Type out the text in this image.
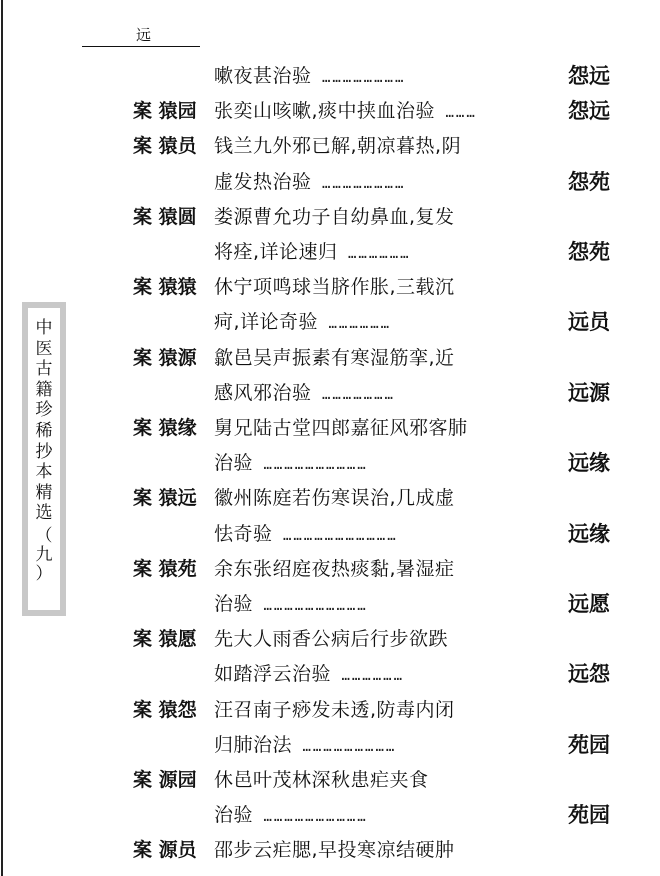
远
中
医
古
籍
珍
稀
抄
本
精
选
（
九
）
嗽夜甚治验 ……………………	怨远
案 猿园 张奕山咳嗽,痰中挟血治验 ………	怨远
案 猿员 钱兰九外邪已解,朝凉暮热,阴
虚发热治验 ……………………	怨苑
案 猿圆 娄源曹允功子自幼鼻血,复发
将痊,详论速归 ………………	怨苑
案 猿猿 休宁项鸣球当脐作胀,三载沉
疴,详论奇验 ………………	远员
案 猿源 歙邑吴声振素有寒湿筋挛,近
感风邪治验 …………………	远源
案 猿缘 舅兄陆古堂四郎嘉征风邪客肺
治验 …………………………	远缘
案 猿远 徽州陈庭若伤寒误治,几成虚
怯奇验 ……………………………	远缘
案 猿苑 余东张绍庭夜热痰黏,暑湿症
治验 …………………………	远愿
案 猿愿 先大人雨香公病后行步欲跌
如踏浮云治验 ………………	远怨
案 猿怨 汪召南子痧发未透,防毒内闭
归肺治法 ………………………	苑园
案 源园 休邑叶茂林深秋患疟夹食
治验 …………………………	苑园
案 源员 邵步云疟腮,早投寒凉结硬肿
